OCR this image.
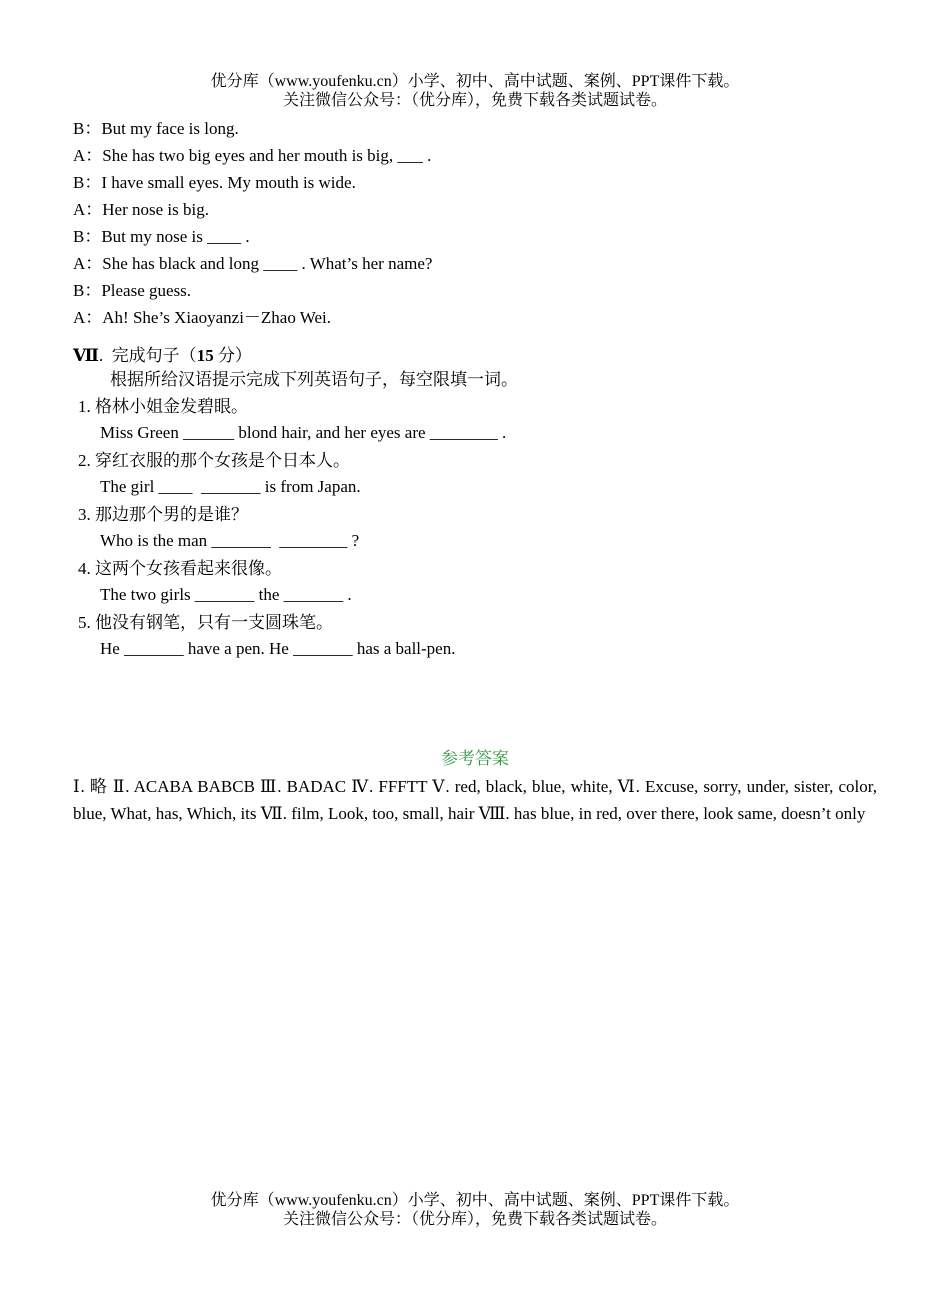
优分库（www.youfenku.cn）小学、初中、高中试题、案例、PPT课件下载。
关注微信公众号：（优分库），免费下载各类试题试卷。
B：But my face is long.
A：She has two big eyes and her mouth is big, ___ .
B：I have small eyes. My mouth is wide.
A：Her nose is big.
B：But my nose is ____ .
A：She has black and long ____ . What’s her name?
B：Please guess.
A：Ah! She’s Xiaoyanzi－Zhao Wei.
Ⅶ. 完成句子（15 分）
根据所给汉语提示完成下列英语句子，每空限填一词。
1. 格林小姐金发碧眼。
Miss Green ______ blond hair, and her eyes are ________ .
2. 穿红衣服的那个女孩是个日本人。
The girl ____  _______ is from Japan.
3. 那边那个男的是谁？
Who is the man _______  ________ ?
4. 这两个女孩看起来很像。
The two girls _______ the _______ .
5. 他没有钢笔，只有一支圆珠笔。
He _______ have a pen. He _______ has a ball-pen.
参考答案
Ⅰ. 略 Ⅱ. ACABA BABCB Ⅲ. BADAC Ⅳ. FFFTT Ⅴ. red, black, blue, white, Ⅵ. Excuse, sorry, under, sister, color, blue, What, has, Which, its Ⅶ. film, Look, too, small, hair Ⅷ. has blue, in red, over there, look same, doesn’t only
优分库（www.youfenku.cn）小学、初中、高中试题、案例、PPT课件下载。
关注微信公众号：（优分库），免费下载各类试题试卷。
